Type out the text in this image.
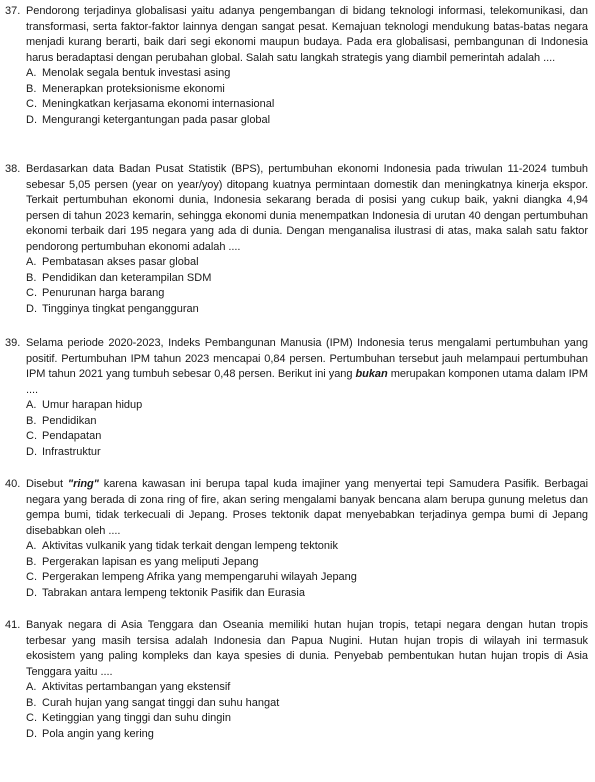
37. Pendorong terjadinya globalisasi yaitu adanya pengembangan di bidang teknologi informasi, telekomunikasi, dan transformasi, serta faktor-faktor lainnya dengan sangat pesat. Kemajuan teknologi mendukung batas-batas negara menjadi kurang berarti, baik dari segi ekonomi maupun budaya. Pada era globalisasi, pembangunan di Indonesia harus beradaptasi dengan perubahan global. Salah satu langkah strategis yang diambil pemerintah adalah ....
A. Menolak segala bentuk investasi asing
B. Menerapkan proteksionisme ekonomi
C. Meningkatkan kerjasama ekonomi internasional
D. Mengurangi ketergantungan pada pasar global
38. Berdasarkan data Badan Pusat Statistik (BPS), pertumbuhan ekonomi Indonesia pada triwulan 11-2024 tumbuh sebesar 5,05 persen (year on year/yoy) ditopang kuatnya permintaan domestik dan meningkatnya kinerja ekspor. Terkait pertumbuhan ekonomi dunia, Indonesia sekarang berada di posisi yang cukup baik, yakni diangka 4,94 persen di tahun 2023 kemarin, sehingga ekonomi dunia menempatkan Indonesia di urutan 40 dengan pertumbuhan ekonomi terbaik dari 195 negara yang ada di dunia. Dengan menganalisa ilustrasi di atas, maka salah satu faktor pendorong pertumbuhan ekonomi adalah ....
A. Pembatasan akses pasar global
B. Pendidikan dan keterampilan SDM
C. Penurunan harga barang
D. Tingginya tingkat pengangguran
39. Selama periode 2020-2023, Indeks Pembangunan Manusia (IPM) Indonesia terus mengalami pertumbuhan yang positif. Pertumbuhan IPM tahun 2023 mencapai 0,84 persen. Pertumbuhan tersebut jauh melampaui pertumbuhan IPM tahun 2021 yang tumbuh sebesar 0,48 persen. Berikut ini yang bukan merupakan komponen utama dalam IPM ....
A. Umur harapan hidup
B. Pendidikan
C. Pendapatan
D. Infrastruktur
40. Disebut "ring" karena kawasan ini berupa tapal kuda imajiner yang menyertai tepi Samudera Pasifik. Berbagai negara yang berada di zona ring of fire, akan sering mengalami banyak bencana alam berupa gunung meletus dan gempa bumi, tidak terkecuali di Jepang. Proses tektonik dapat menyebabkan terjadinya gempa bumi di Jepang disebabkan oleh ....
A. Aktivitas vulkanik yang tidak terkait dengan lempeng tektonik
B. Pergerakan lapisan es yang meliputi Jepang
C. Pergerakan lempeng Afrika yang mempengaruhi wilayah Jepang
D. Tabrakan antara lempeng tektonik Pasifik dan Eurasia
41. Banyak negara di Asia Tenggara dan Oseania memiliki hutan hujan tropis, tetapi negara dengan hutan tropis terbesar yang masih tersisa adalah Indonesia dan Papua Nugini. Hutan hujan tropis di wilayah ini termasuk ekosistem yang paling kompleks dan kaya spesies di dunia. Penyebab pembentukan hutan hujan tropis di Asia Tenggara yaitu ....
A. Aktivitas pertambangan yang ekstensif
B. Curah hujan yang sangat tinggi dan suhu hangat
C. Ketinggian yang tinggi dan suhu dingin
D. Pola angin yang kering
